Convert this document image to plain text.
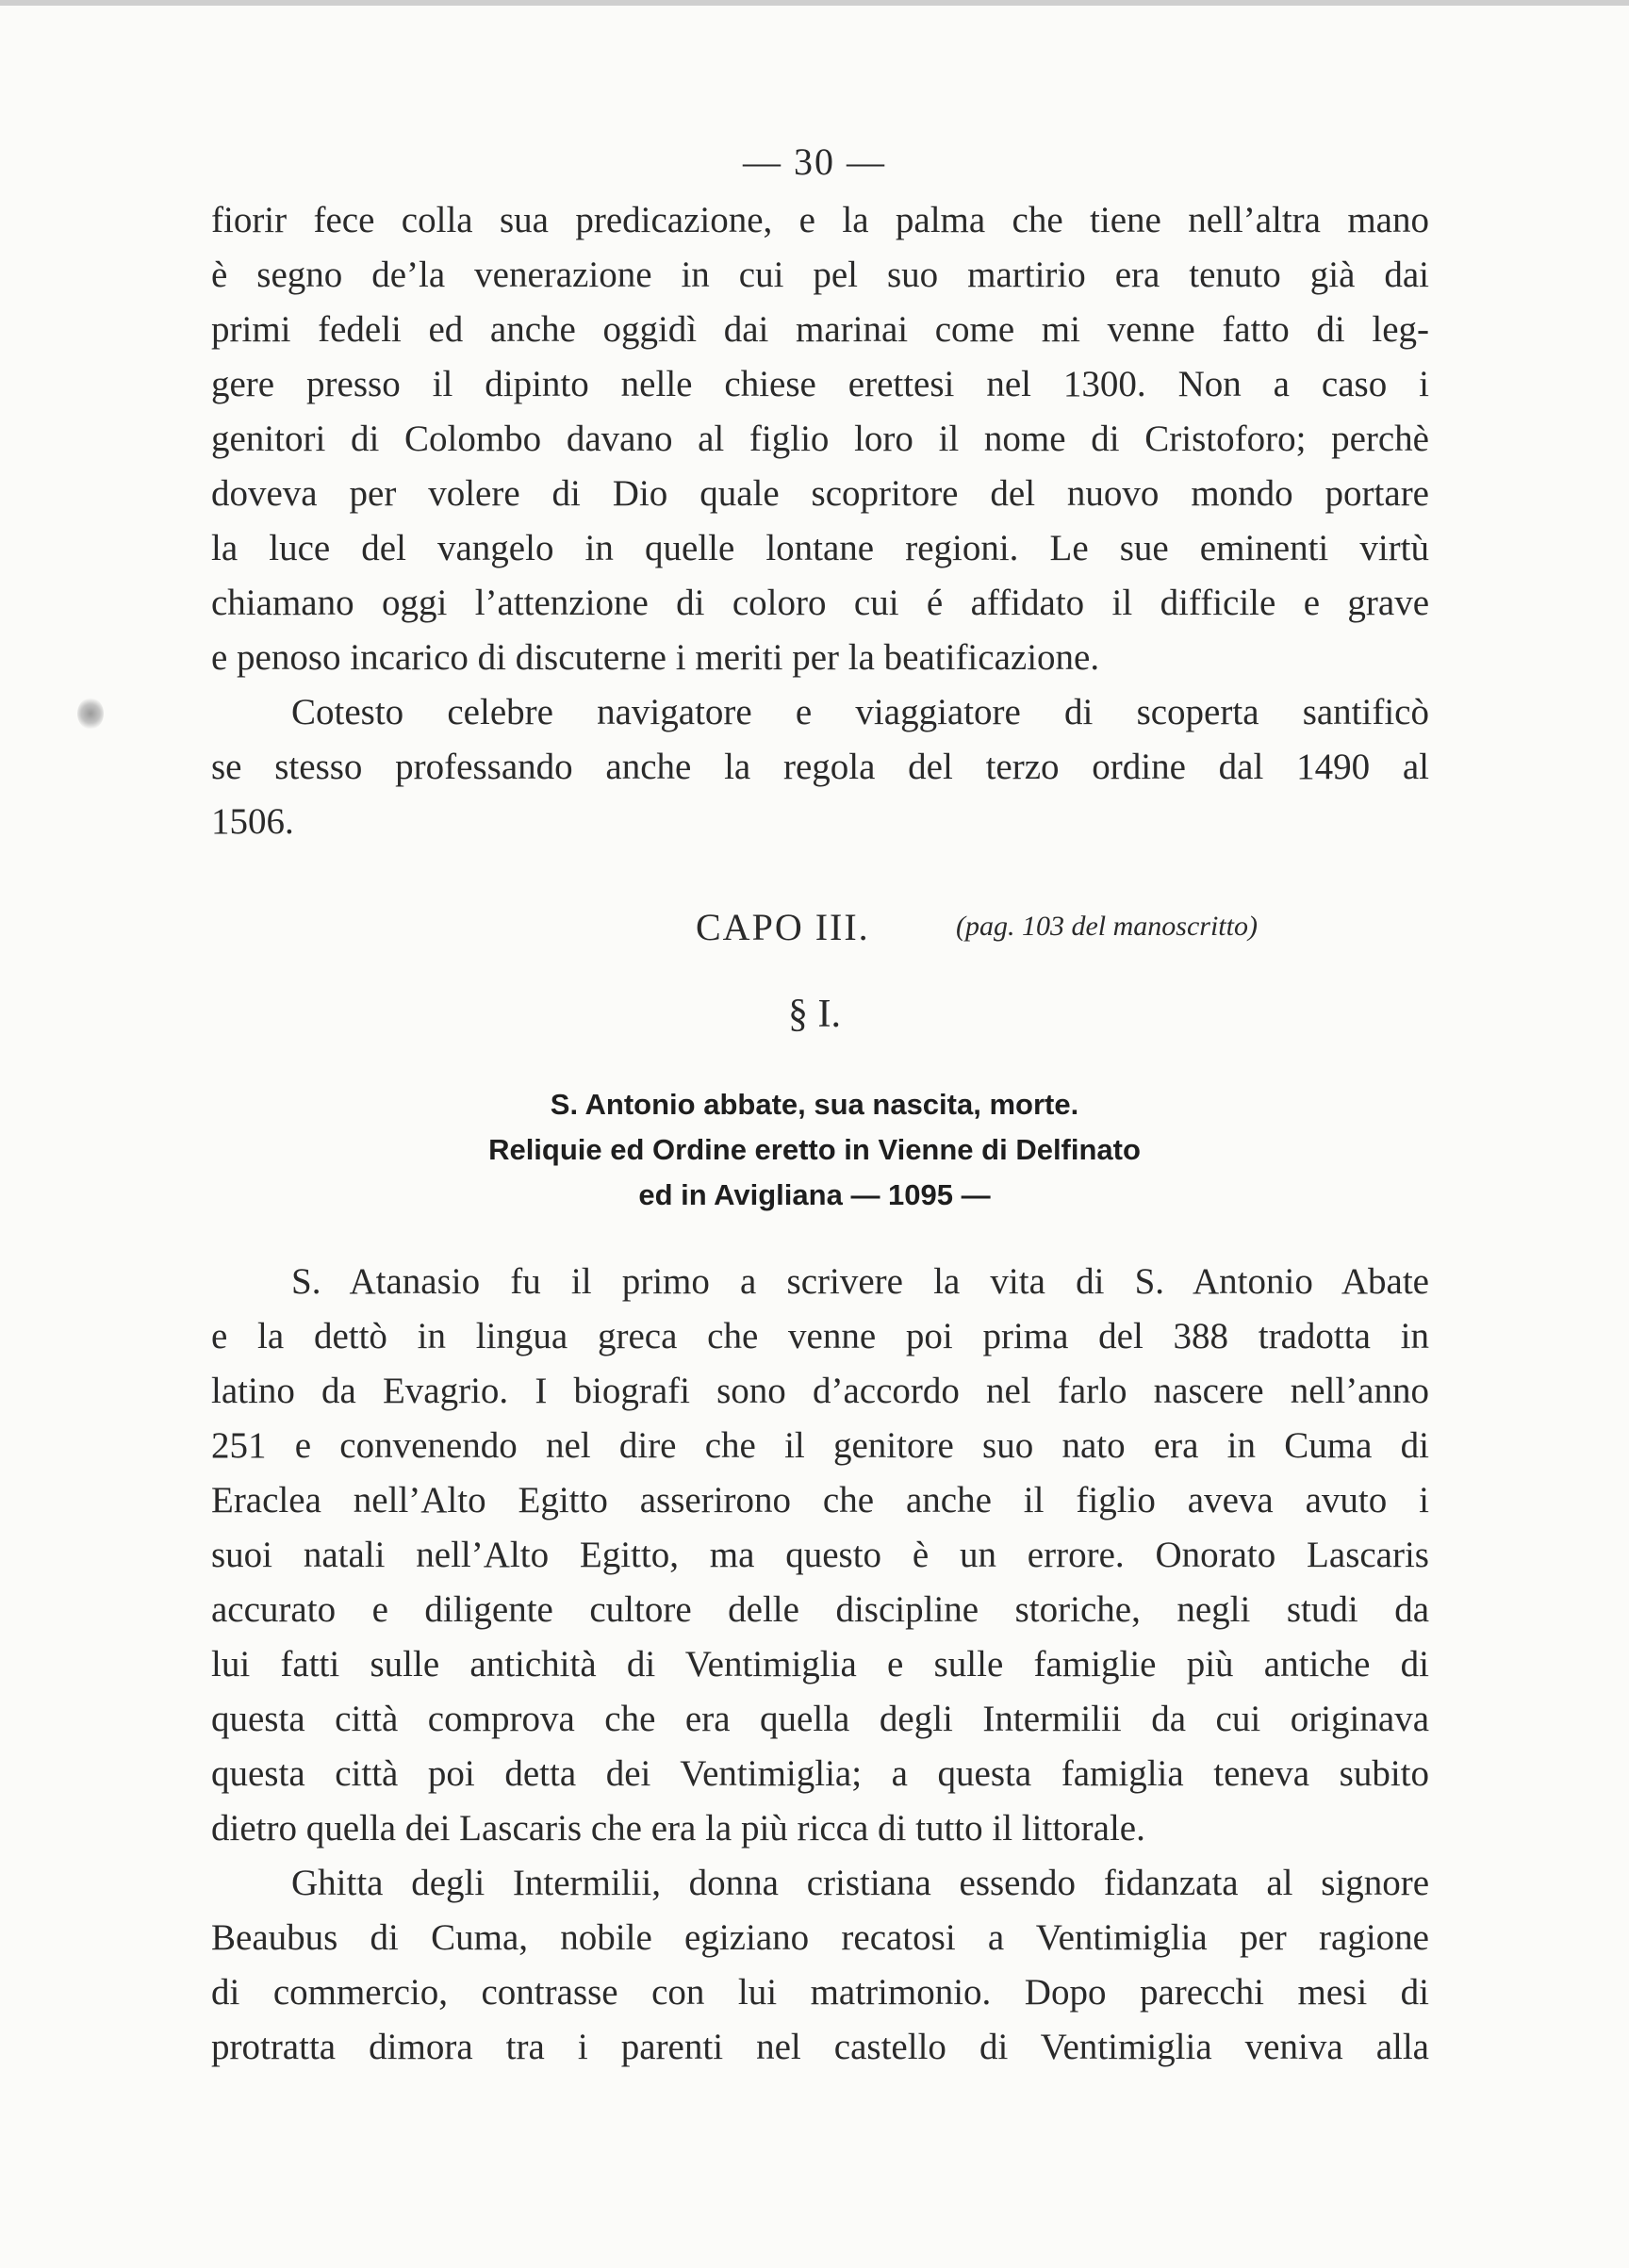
— 30 —
fiorir fece colla sua predicazione, e la palma che tiene nell’altra mano
è segno de’la venerazione in cui pel suo martirio era tenuto già dai
primi fedeli ed anche oggidì dai marinai come mi venne fatto di leg-
gere presso il dipinto nelle chiese erettesi nel 1300. Non a caso i
genitori di Colombo davano al figlio loro il nome di Cristoforo; perchè
doveva per volere di Dio quale scopritore del nuovo mondo portare
la luce del vangelo in quelle lontane regioni. Le sue eminenti virtù
chiamano oggi l’attenzione di coloro cui é affidato il difficile e grave
e penoso incarico di discuterne i meriti per la beatificazione.
Cotesto celebre navigatore e viaggiatore di scoperta santificò
se stesso professando anche la regola del terzo ordine dal 1490 al
1506.
CAPO III.	(pag. 103 del manoscritto)
§ I.
S. Antonio abbate, sua nascita, morte.
Reliquie ed Ordine eretto in Vienne di Delfinato
ed in Avigliana — 1095 —
S. Atanasio fu il primo a scrivere la vita di S. Antonio Abate
e la dettò in lingua greca che venne poi prima del 388 tradotta in
latino da Evagrio. I biografi sono d’accordo nel farlo nascere nell’anno
251 e convenendo nel dire che il genitore suo nato era in Cuma di
Eraclea nell’Alto Egitto asserirono che anche il figlio aveva avuto i
suoi natali nell’Alto Egitto, ma questo è un errore. Onorato Lascaris
accurato e diligente cultore delle discipline storiche, negli studi da
lui fatti sulle antichità di Ventimiglia e sulle famiglie più antiche di
questa città comprova che era quella degli Intermilii da cui originava
questa città poi detta dei Ventimiglia; a questa famiglia teneva subito
dietro quella dei Lascaris che era la più ricca di tutto il littorale.
Ghitta degli Intermilii, donna cristiana essendo fidanzata al signore
Beaubus di Cuma, nobile egiziano recatosi a Ventimiglia per ragione
di commercio, contrasse con lui matrimonio. Dopo parecchi mesi di
protratta dimora tra i parenti nel castello di Ventimiglia veniva alla
